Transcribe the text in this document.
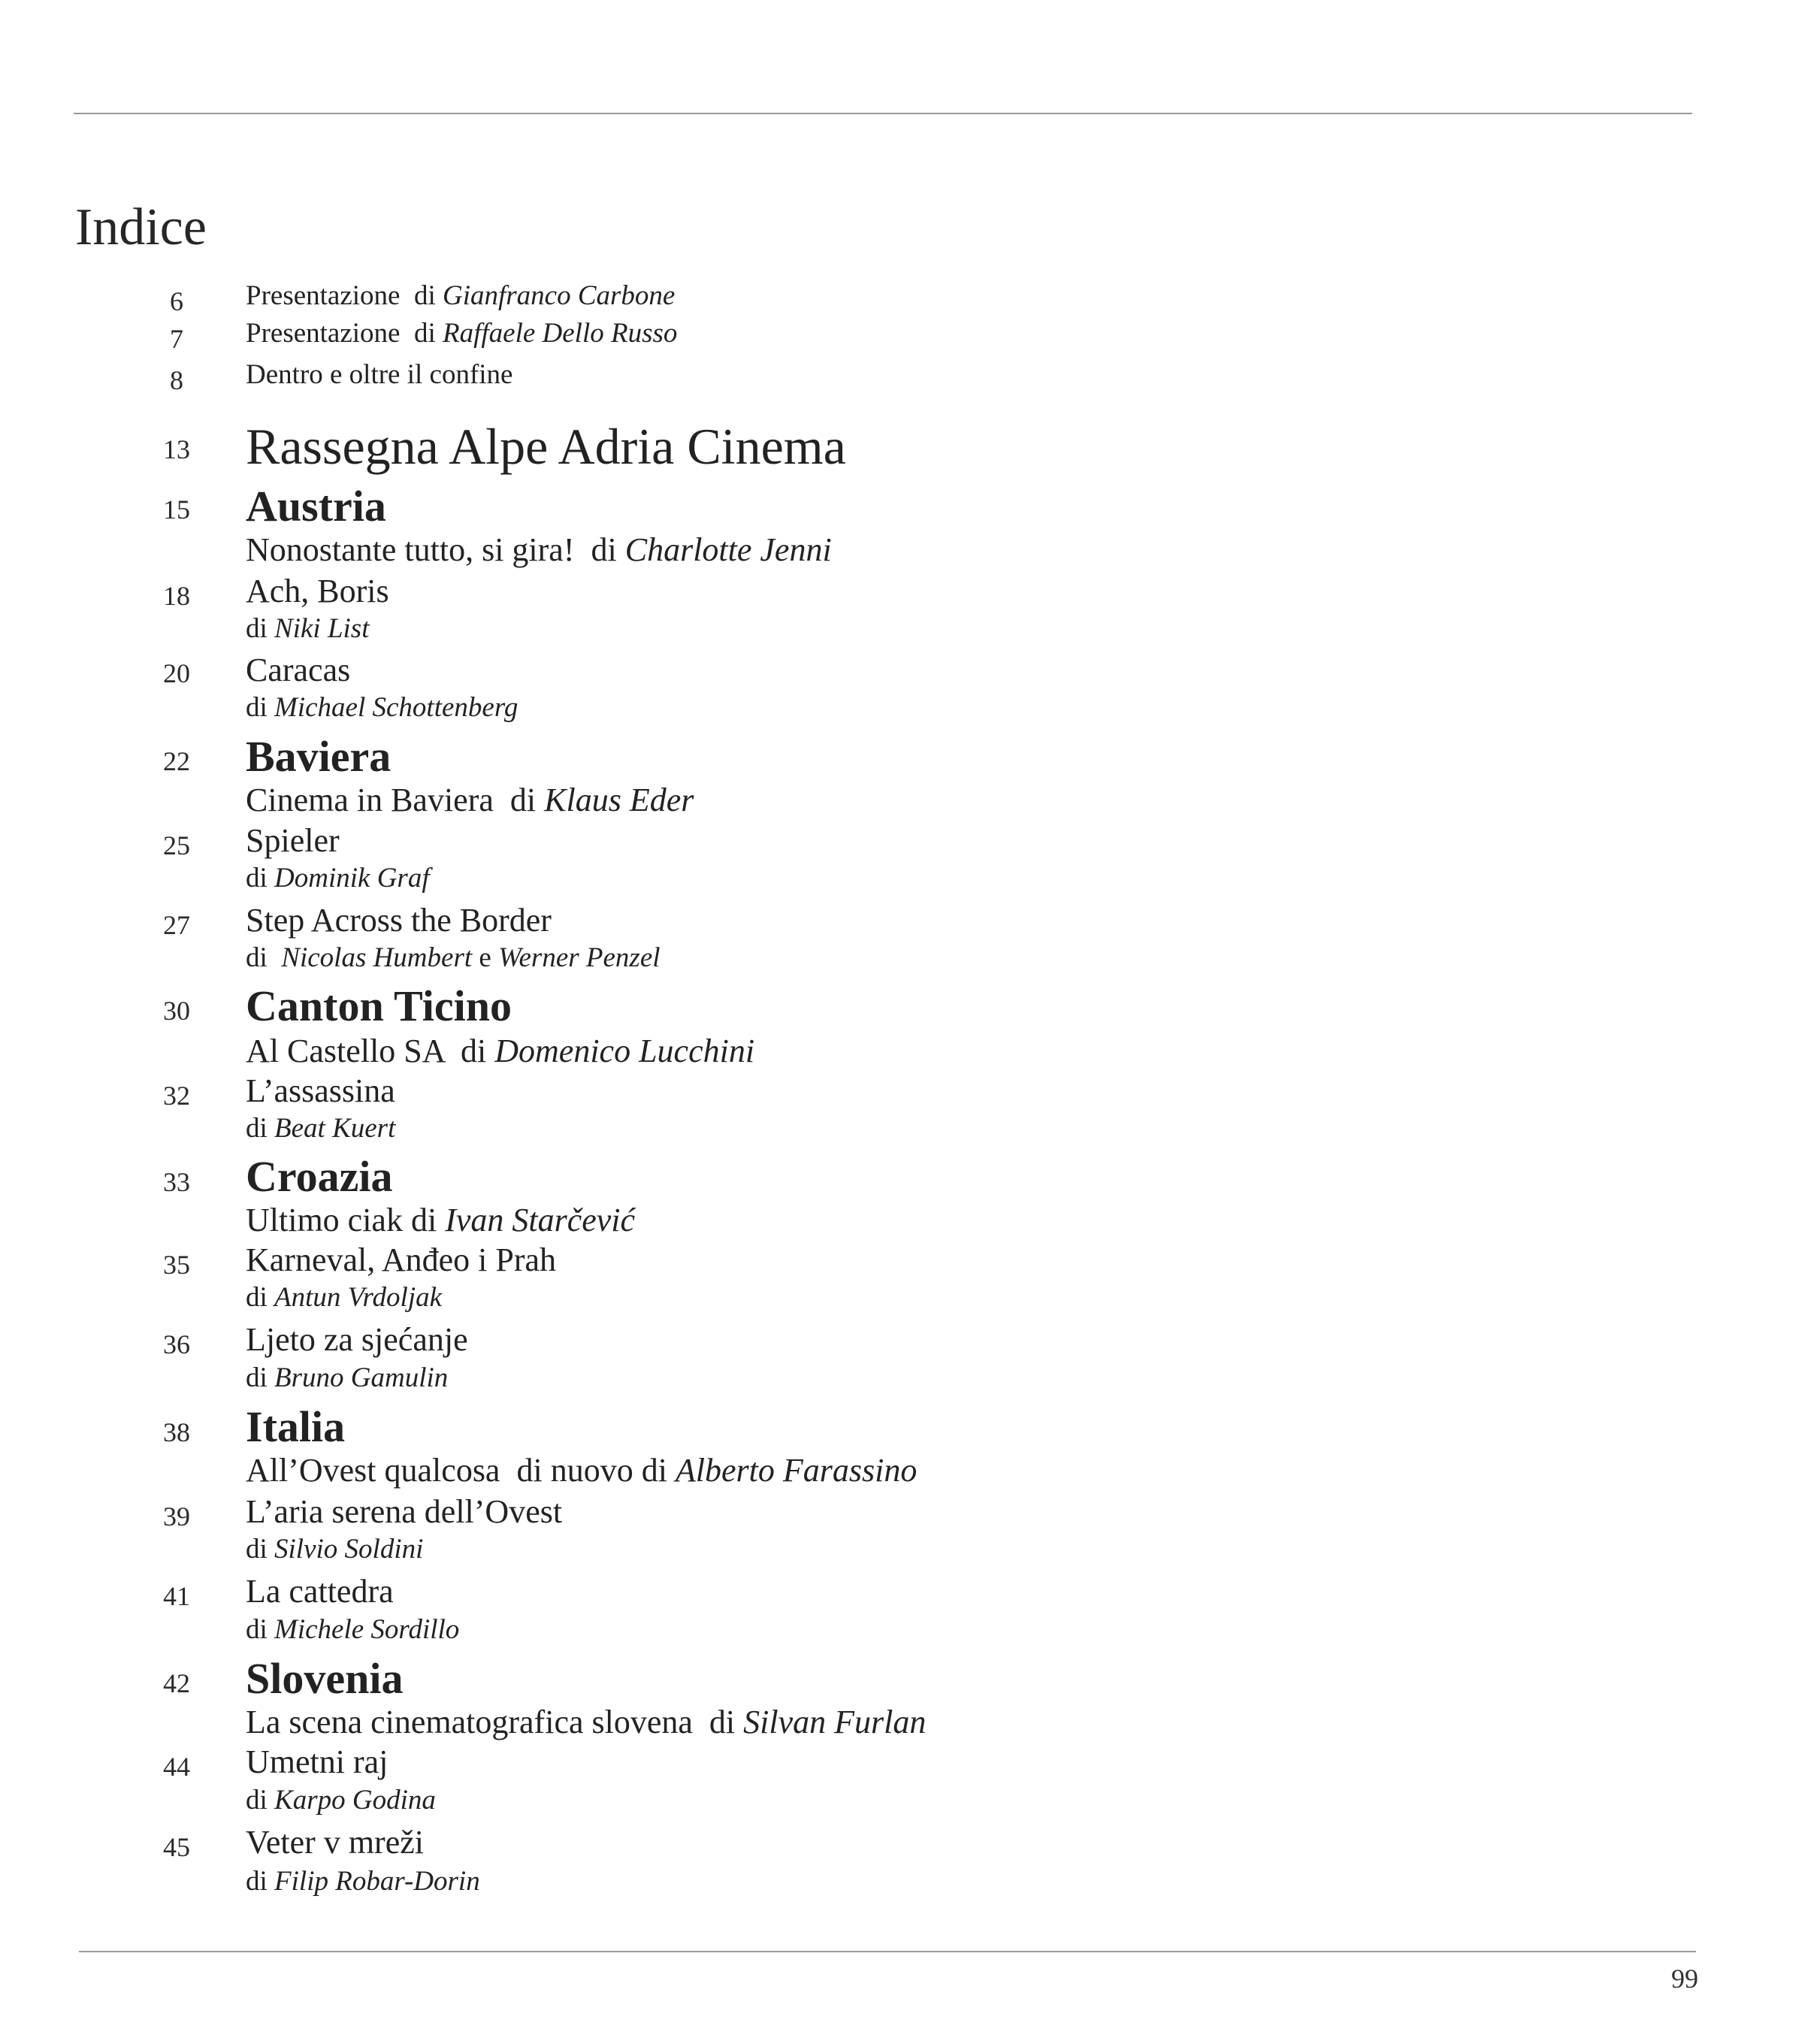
Indice
6	Presentazione  di Gianfranco Carbone
7	Presentazione  di Raffaele Dello Russo
8	Dentro e oltre il confine
13 Rassegna Alpe Adria Cinema
15 Austria
Nonostante tutto, si gira!  di Charlotte Jenni
18	Ach, Boris
di Niki List
20	Caracas
di Michael Schottenberg
22 Baviera
Cinema in Baviera  di Klaus Eder
25	Spieler
di Dominik Graf
27	Step Across the Border
di  Nicolas Humbert e Werner Penzel
30 Canton Ticino
Al Castello SA  di Domenico Lucchini
32	L’assassina
di Beat Kuert
33 Croazia
Ultimo ciak di Ivan Starčević
35	Karneval, Anđeo i Prah
di Antun Vrdoljak
36	Ljeto za sjećanje
di Bruno Gamulin
38 Italia
All’Ovest qualcosa  di nuovo di Alberto Farassino
39	L’aria serena dell’Ovest
di Silvio Soldini
41	La cattedra
di Michele Sordillo
42 Slovenia
La scena cinematografica slovena  di Silvan Furlan
44	Umetni raj
di Karpo Godina
45	Veter v mreži
di Filip Robar-Dorin
99
